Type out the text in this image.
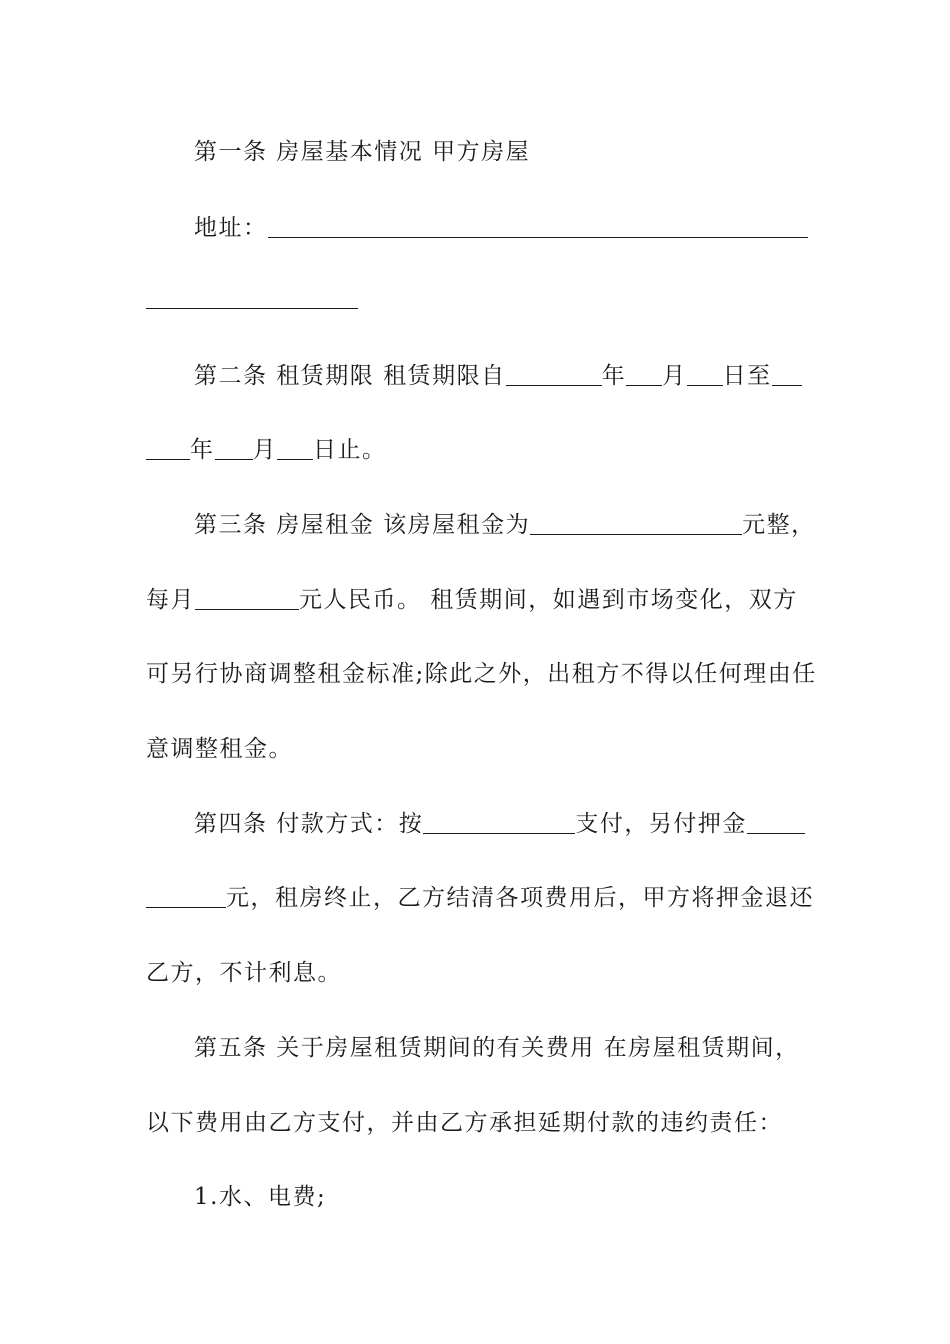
第一条 房屋基本情况 甲方房屋
地址：
第二条 租赁期限 租赁期限自	年 月 日至
年 月 日止。
第三条 房屋租金 该房屋租金为	元整，
每月	元人民币。 租赁期间，如遇到市场变化，双方
可另行协商调整租金标准;除此之外，出租方不得以任何理由任
意调整租金。
第四条 付款方式：按	支付，另付押金
元，租房终止，乙方结清各项费用后，甲方将押金退还
乙方，不计利息。
第五条 关于房屋租赁期间的有关费用 在房屋租赁期间，
以下费用由乙方支付，并由乙方承担延期付款的违约责任：
1.水、电费;
